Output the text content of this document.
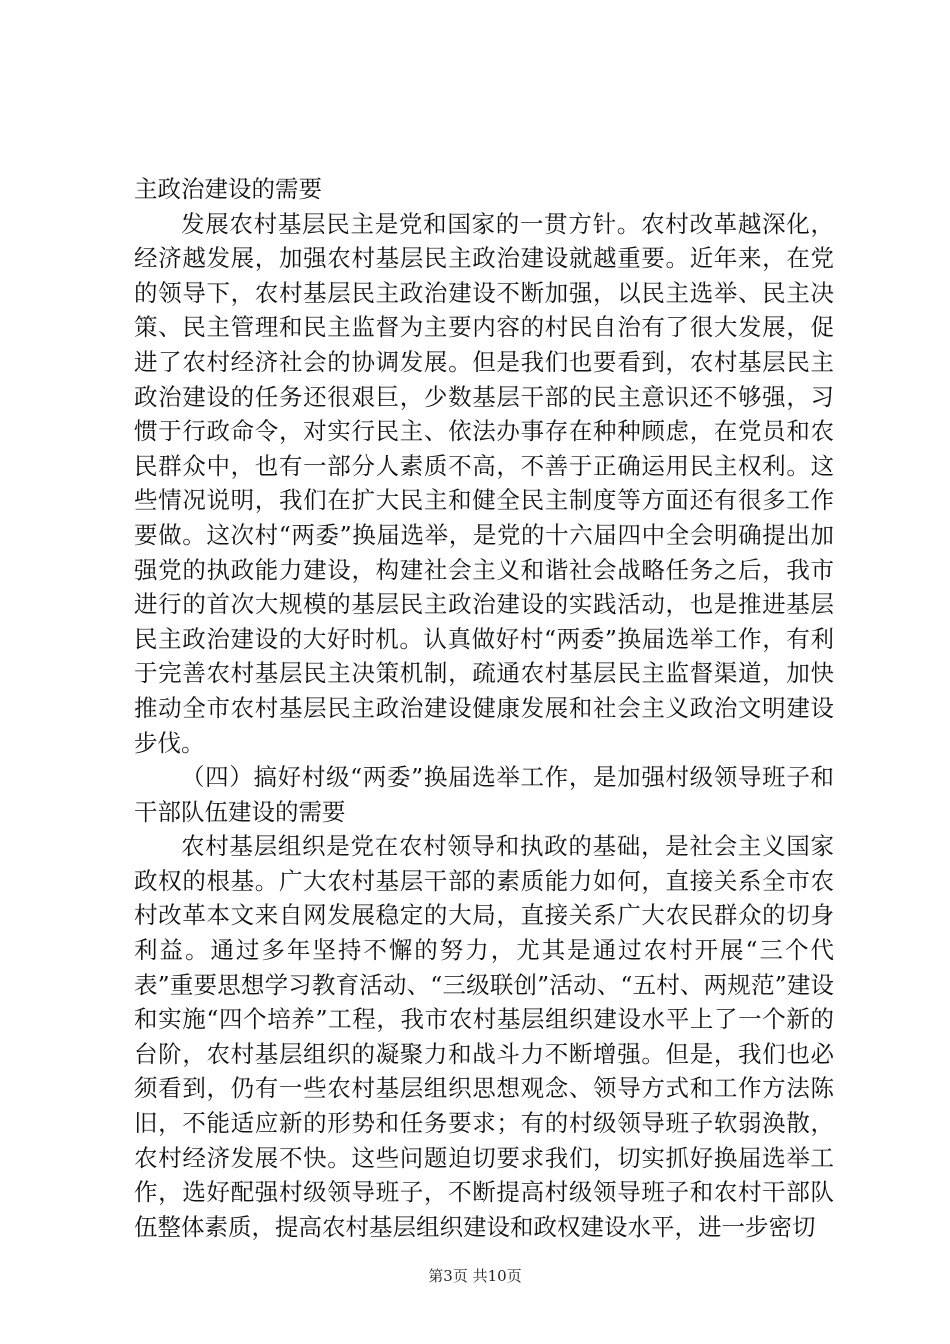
主政治建设的需要

发展农村基层民主是党和国家的一贯方针。农村改革越深化，经济越发展，加强农村基层民主政治建设就越重要。近年来，在党的领导下，农村基层民主政治建设不断加强，以民主选举、民主决策、民主管理和民主监督为主要内容的村民自治有了很大发展，促进了农村经济社会的协调发展。但是我们也要看到，农村基层民主政治建设的任务还很艰巨，少数基层干部的民主意识还不够强，习惯于行政命令，对实行民主、依法办事存在种种顾虑，在党员和农民群众中，也有一部分人素质不高，不善于正确运用民主权利。这些情况说明，我们在扩大民主和健全民主制度等方面还有很多工作要做。这次村“两委”换届选举，是党的十六届四中全会明确提出加强党的执政能力建设，构建社会主义和谐社会战略任务之后，我市进行的首次大规模的基层民主政治建设的实践活动，也是推进基层民主政治建设的大好时机。认真做好村“两委”换届选举工作，有利于完善农村基层民主决策机制，疏通农村基层民主监督渠道，加快推动全市农村基层民主政治建设健康发展和社会主义政治文明建设步伐。

（四）搞好村级“两委”换届选举工作，是加强村级领导班子和干部队伍建设的需要

农村基层组织是党在农村领导和执政的基础，是社会主义国家政权的根基。广大农村基层干部的素质能力如何，直接关系全市农村改革本文来自网发展稳定的大局，直接关系广大农民群众的切身利益。通过多年坚持不懈的努力，尤其是通过农村开展“三个代表”重要思想学习教育活动、“三级联创”活动、“五村、两规范”建设和实施“四个培养”工程，我市农村基层组织建设水平上了一个新的台阶，农村基层组织的凝聚力和战斗力不断增强。但是，我们也必须看到，仍有一些农村基层组织思想观念、领导方式和工作方法陈旧，不能适应新的形势和任务要求；有的村级领导班子软弱涣散，农村经济发展不快。这些问题迫切要求我们，切实抓好换届选举工作，选好配强村级领导班子，不断提高村级领导班子和农村干部队伍整体素质，提高农村基层组织建设和政权建设水平，进一步密切

第3页 共10页
